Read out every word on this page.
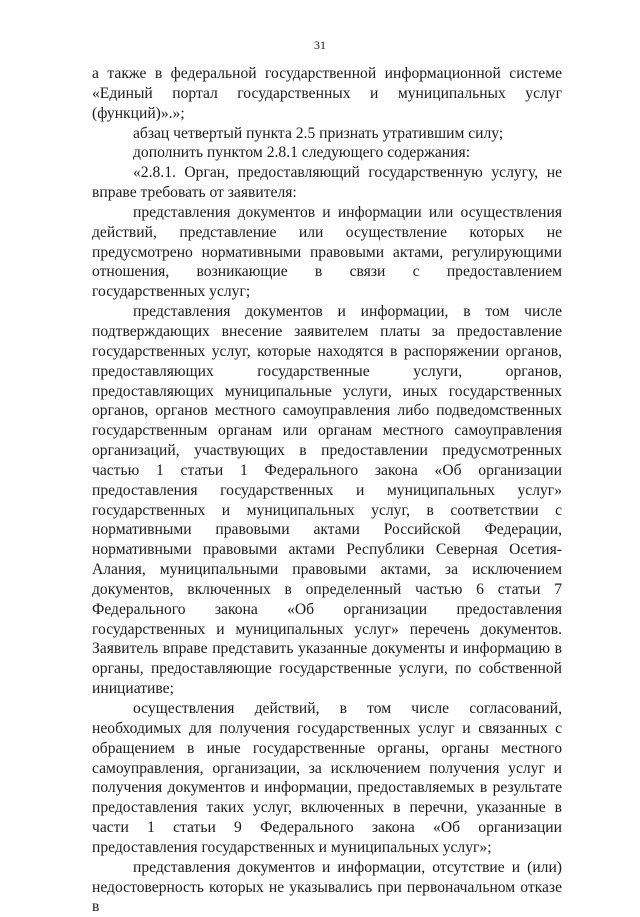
31

а также в федеральной государственной информационной системе «Единый портал государственных и муниципальных услуг (функций)».»;

абзац четвертый пункта 2.5 признать утратившим силу;

дополнить пунктом 2.8.1 следующего содержания:

«2.8.1. Орган, предоставляющий государственную услугу, не вправе требовать от заявителя:

представления документов и информации или осуществления действий, представление или осуществление которых не предусмотрено нормативными правовыми актами, регулирующими отношения, возникающие в связи с предоставлением государственных услуг;

представления документов и информации, в том числе подтверждающих внесение заявителем платы за предоставление государственных услуг, которые находятся в распоряжении органов, предоставляющих государственные услуги, органов, предоставляющих муниципальные услуги, иных государственных органов, органов местного самоуправления либо подведомственных государственным органам или органам местного самоуправления организаций, участвующих в предоставлении предусмотренных частью 1 статьи 1 Федерального закона «Об организации предоставления государственных и муниципальных услуг» государственных и муниципальных услуг, в соответствии с нормативными правовыми актами Российской Федерации, нормативными правовыми актами Республики Северная Осетия-Алания, муниципальными правовыми актами, за исключением документов, включенных в определенный частью 6 статьи 7 Федерального закона «Об организации предоставления государственных и муниципальных услуг» перечень документов. Заявитель вправе представить указанные документы и информацию в органы, предоставляющие государственные услуги, по собственной инициативе;

осуществления действий, в том числе согласований, необходимых для получения государственных услуг и связанных с обращением в иные государственные органы, органы местного самоуправления, организации, за исключением получения услуг и получения документов и информации, предоставляемых в результате предоставления таких услуг, включенных в перечни, указанные в части 1 статьи 9 Федерального закона «Об организации предоставления государственных и муниципальных услуг»;

представления документов и информации, отсутствие и (или) недостоверность которых не указывались при первоначальном отказе в
